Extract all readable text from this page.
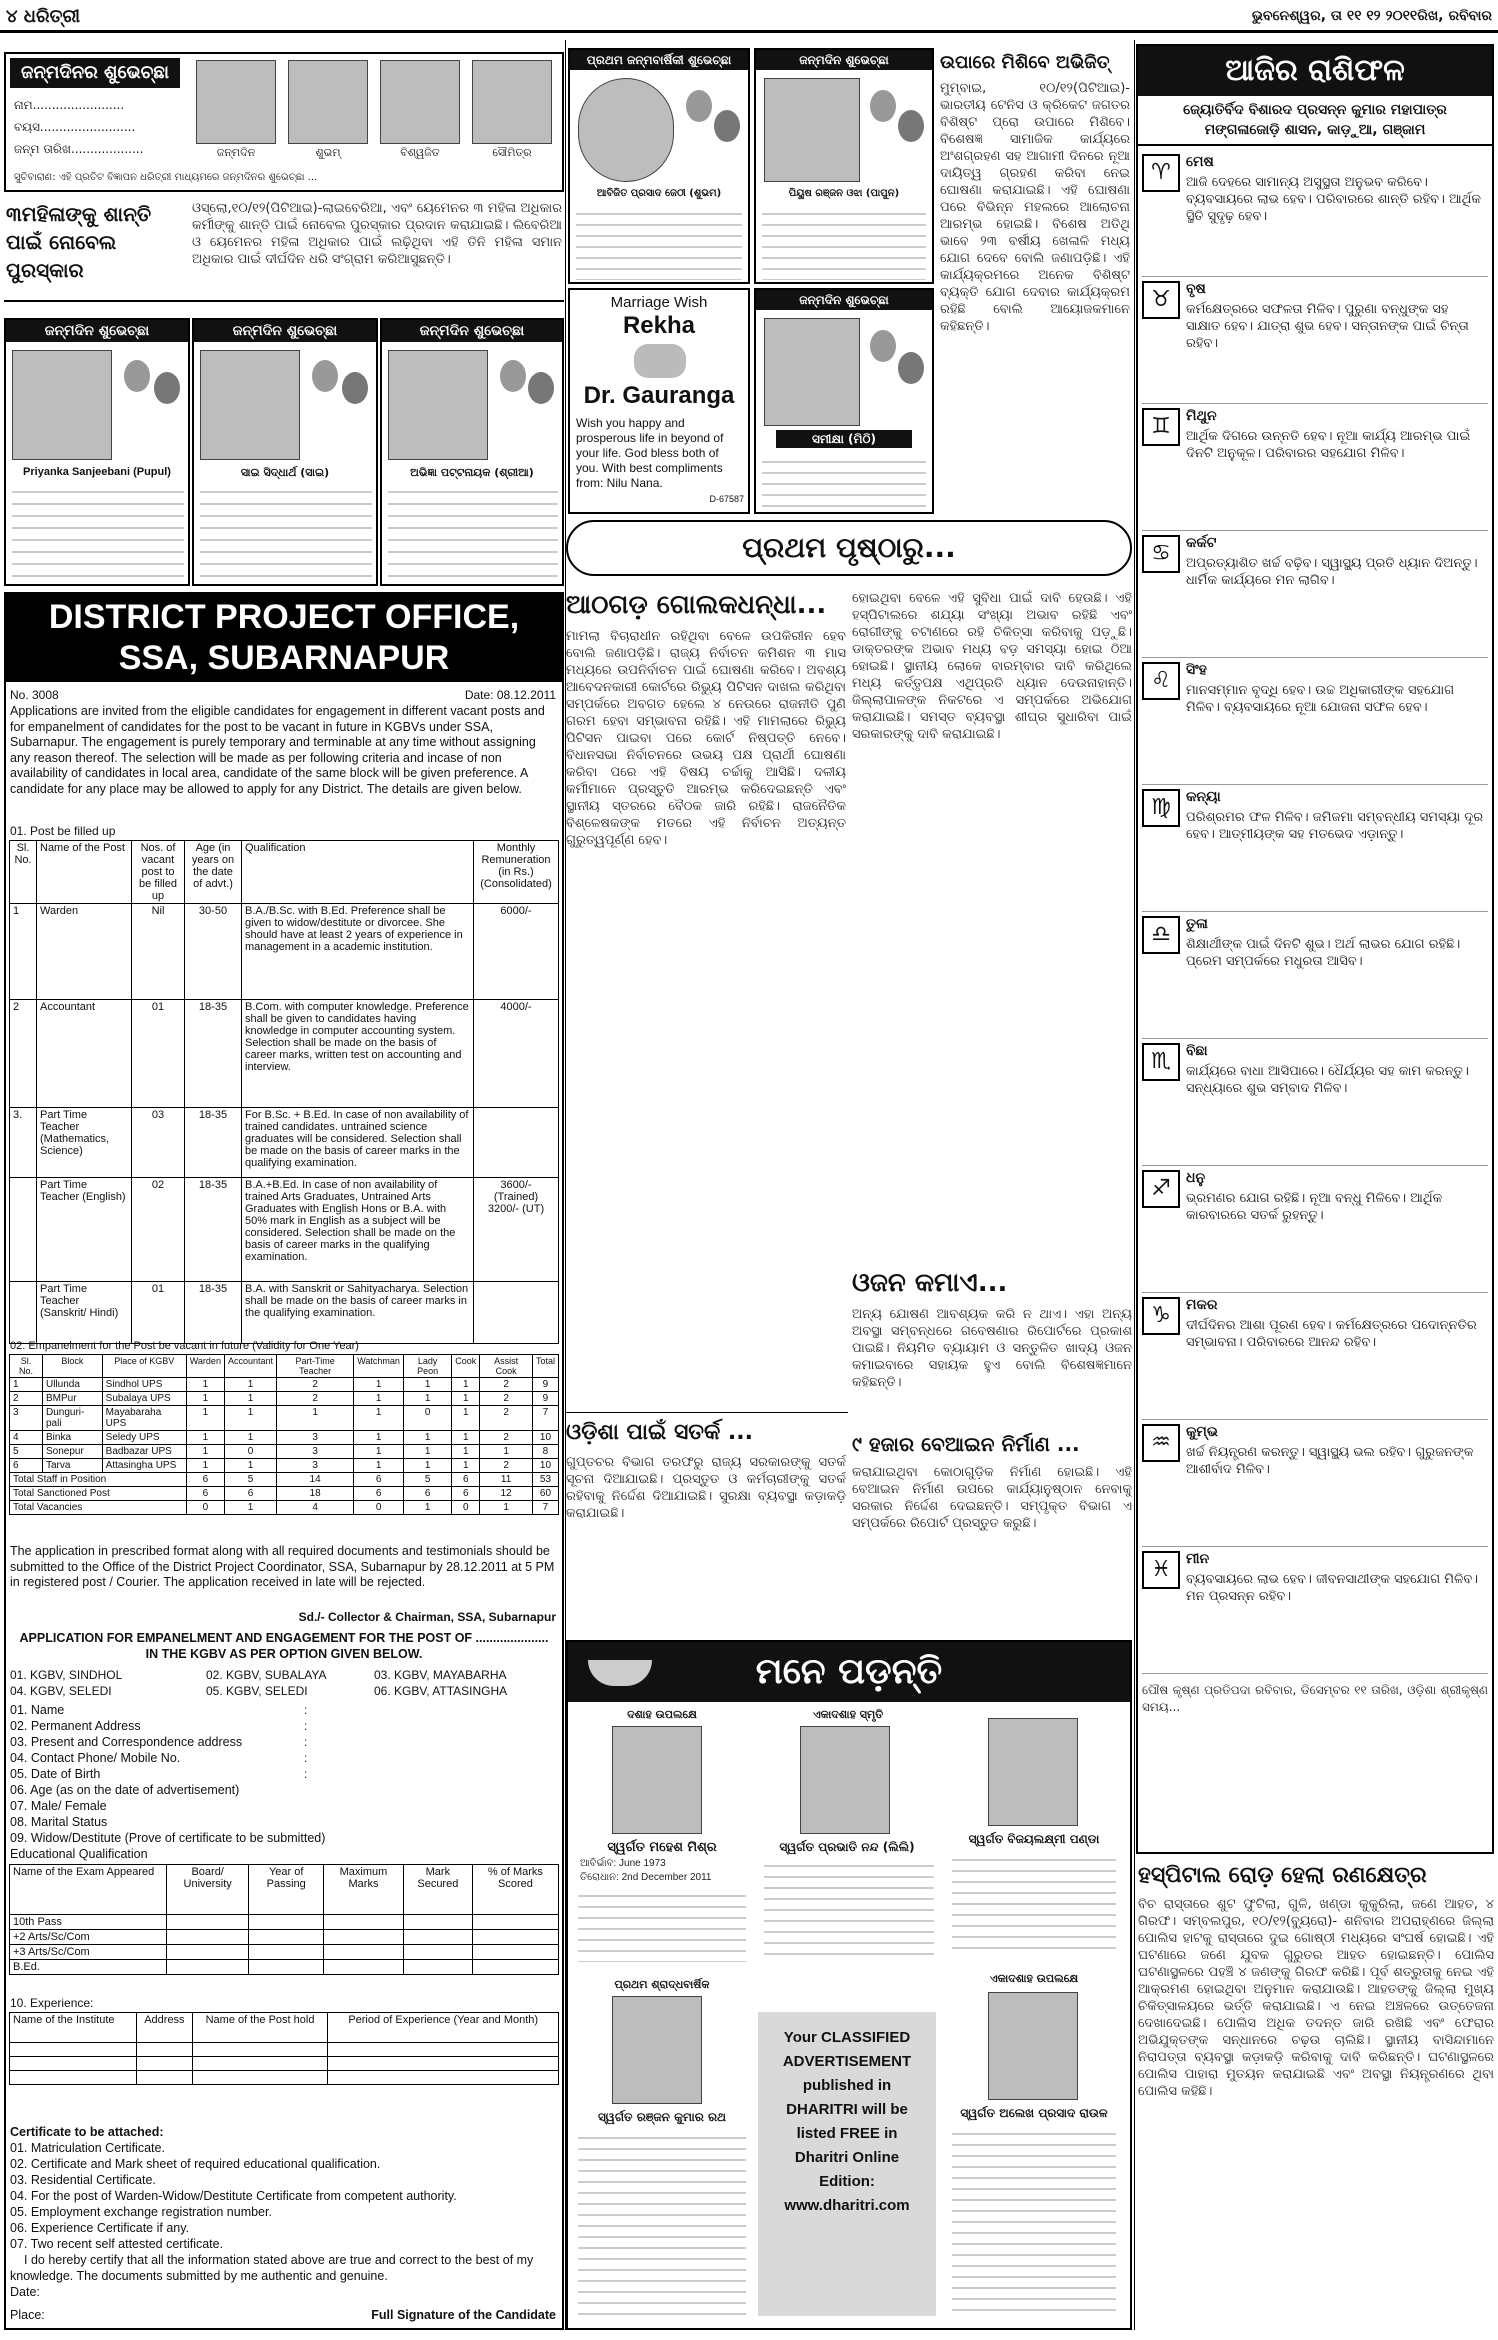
୪ ଧରିତ୍ରୀ	ଭୁବନେଶ୍ୱର, ତା ୧୧ ୧୨ ୨୦୧୧ରିଖ, ରବିବାର
ଜନ୍ମଦିନର ଶୁଭେଚ୍ଛା
ନାମ........................
ବୟସ.........................
ଜନ୍ମ ତାରିଖ...................	ଜନ୍ମଦିନ	ଶୁଭମ୍	ବିଶ୍ୱଜିତ	ସୌମିତ୍ର
ସୁଚିବାରାଣ: ଏହି ପ୍ରତିଟ ବିଜ୍ଞାପନ ଧରିତ୍ରୀ ମାଧ୍ୟମରେ ଜନ୍ମଦିନର ଶୁଭେଚ୍ଛା ...
୩ମହିଳାଙ୍କୁ ଶାନ୍ତି ପାଇଁ ନୋବେଲ ପୁରସ୍କାର
ଓସ୍ଲୋ,୧୦/୧୨(ପିଟିଆଇ)-ଲାଇବେରିଆ, ଏବଂ ୟେମେନର ୩ ମହିଳା ଅଧିକାର କର୍ମୀଙ୍କୁ ଶାନ୍ତି ପାଇଁ ନୋବେଲ ପୁରସ୍କାର ପ୍ରଦାନ କରାଯାଇଛି। ଲିବେରିଆ ଓ ୟେମେନର ମହିଳା ଅଧିକାର ପାଇଁ ଲଢ଼ିଥିବା ଏହି ତିନି ମହିଳା ସମାନ ଅଧିକାର ପାଇଁ ଦୀର୍ଘଦିନ ଧରି ସଂଗ୍ରାମ କରିଆସୁଛନ୍ତି।
ଜନ୍ମଦିନ ଶୁଭେଚ୍ଛା
Priyanka Sanjeebani (Pupul)
ଜନ୍ମଦିନ ଶୁଭେଚ୍ଛା
ସାଇ ସିଦ୍ଧାର୍ଥ (ସାଇ)
ଜନ୍ମଦିନ ଶୁଭେଚ୍ଛା
ଅଭିଜ୍ଞା ପଟ୍ଟନାୟକ (ଶ୍ରୀଆ)
DISTRICT PROJECT OFFICE,
SSA, SUBARNAPUR
No. 3008	Date: 08.12.2011
Applications are invited from the eligible candidates for engagement in different vacant posts and for empanelment of candidates for the post to be vacant in future in KGBVs under SSA, Subarnapur. The engagement is purely temporary and terminable at any time without assigning any reason thereof. The selection will be made as per following criteria and incase of non availability of candidates in local area, candidate of the same block will be given preference. A candidate for any place may be allowed to apply for any District. The details are given below.
01. Post be filled up
Sl. No.	Name of the Post	Nos. of vacant post to be filled up	Age (in years on the date of advt.)	Qualification	Monthly Remuneration (in Rs.) (Consolidated)
1	Warden	Nil	30-50	B.A./B.Sc. with B.Ed. Preference shall be given to widow/destitute or divorcee. She should have at least 2 years of experience in management in a academic institution.	6000/-
2	Accountant	01	18-35	B.Com. with computer knowledge. Preference shall be given to candidates having knowledge in computer accounting system. Selection shall be made on the basis of career marks, written test on accounting and interview.	4000/-
3.	Part Time Teacher (Mathematics, Science)	03	18-35	For B.Sc. + B.Ed. In case of non availability of trained candidates. untrained science graduates will be considered. Selection shall be made on the basis of career marks in the qualifying examination.	
	Part Time Teacher (English)	02	18-35	B.A.+B.Ed. In case of non availability of trained Arts Graduates, Untrained Arts Graduates with English Hons or B.A. with 50% mark in English as a subject will be considered. Selection shall be made on the basis of career marks in the qualifying examination.	3600/- (Trained) 3200/- (UT)
	Part Time Teacher (Sanskrit/ Hindi)	01	18-35	B.A. with Sanskrit or Sahityacharya. Selection shall be made on the basis of career marks in the qualifying examination.	
02. Empanelment for the Post be vacant in future (Validity for One Year)
Sl. No.	Block	Place of KGBV	Warden	Accountant	Part-Time Teacher	Watchman	Lady Peon	Cook	Assist Cook	Total
1	Ullunda	Sindhol UPS	1	1	2	1	1	1	2	9
2	BMPur	Subalaya UPS	1	1	2	1	1	1	2	9
3	Dunguri-pali	Mayabaraha UPS	1	1	1	1	0	1	2	7
4	Binka	Seledy UPS	1	1	3	1	1	1	2	10
5	Sonepur	Badbazar UPS	1	0	3	1	1	1	1	8
6	Tarva	Attasingha UPS	1	1	3	1	1	1	2	10
Total Staff in Position			6	5	14	6	5	6	11	53
Total Sanctioned Post			6	6	18	6	6	6	12	60
Total Vacancies			0	1	4	0	1	0	1	7
The application in prescribed format along with all required documents and testimonials should be submitted to the Office of the District Project Coordinator, SSA, Subarnapur by 28.12.2011 at 5 PM in registered post / Courier. The application received in late will be rejected.
Sd./- Collector & Chairman, SSA, Subarnapur
APPLICATION FOR EMPANELMENT AND ENGAGEMENT FOR THE POST OF ..................... IN THE KGBV AS PER OPTION GIVEN BELOW.
01. KGBV, SINDHOL	02. KGBV, SUBALAYA	03. KGBV, MAYABARHA
04. KGBV, SELEDI	05. KGBV, SELEDI	06. KGBV, ATTASINGHA
01. Name
02. Permanent Address
03. Present and Correspondence address
04. Contact Phone/ Mobile No.
05. Date of Birth
06. Age (as on the date of advertisement)
07. Male/ Female
08. Marital Status
09. Widow/Destitute (Prove of certificate to be submitted)
Educational Qualification
:
:
:
:
:
Name of the Exam Appeared	Board/ University	Year of Passing	Maximum Marks	Mark Secured	% of Marks Scored
10th Pass					
+2 Arts/Sc/Com					
+3 Arts/Sc/Com					
B.Ed.					
10. Experience:
Name of the Institute	Address	Name of the Post hold	Period of Experience (Year and Month)

Certificate to be attached:
01. Matriculation Certificate.
02. Certificate and Mark sheet of required educational qualification.
03. Residential Certificate.
04. For the post of Warden-Widow/Destitute Certificate from competent authority.
05. Employment exchange registration number.
06. Experience Certificate if any.
07. Two recent self attested certificate.
I do hereby certify that all the information stated above are true and correct to the best of my knowledge. The documents submitted by me authentic and genuine.
Date:
Place:	Full Signature of the Candidate
ପ୍ରଥମ ଜନ୍ମବାର୍ଷିକୀ ଶୁଭେଚ୍ଛା
ଆବିଜିତ ପ୍ରସାଦ ଜେଠୀ (ଶୁଭମ)
ଜନ୍ମଦିନ ଶୁଭେଚ୍ଛା
ପିୟୁଷ ରଞ୍ଜନ ଓଝା (ପାପୁନ)
Marriage Wish
Rekha
Dr. Gauranga
Wish you happy and prosperous life in beyond of your life. God bless both of you. With best compliments from: Nilu Nana.
D-67587
ଜନ୍ମଦିନ ଶୁଭେଚ୍ଛା
ସମୀକ୍ଷା (ମିଠି)
ଉପାରେ ମିଶିବେ ଅଭିଜିତ୍
ମୁମ୍ବାଇ, ୧୦/୧୨(ପିଟିଆଇ)- ଭାରତୀୟ ଟେନିସ ଓ କ୍ରିକେଟ ଜଗତର ବିଶିଷ୍ଟ ପ୍ରୋ ଉପାରେ ମିଶିବେ। ବିଶେଷଜ୍ଞ ସାମାଜିକ କାର୍ଯ୍ୟରେ ଅଂଶଗ୍ରହଣ ସହ ଆଗାମୀ ଦିନରେ ନୂଆ ଦାୟିତ୍ୱ ଗ୍ରହଣ କରିବା ନେଇ ଘୋଷଣା କରାଯାଇଛି। ଏହି ଘୋଷଣା ପରେ ବିଭିନ୍ନ ମହଲରେ ଆଲୋଚନା ଆରମ୍ଭ ହୋଇଛି। ବିଶେଷ ଅତିଥି ଭାବେ ୨୩ ବର୍ଷୀୟ ଖେଳାଳି ମଧ୍ୟ ଯୋଗ ଦେବେ ବୋଲି ଜଣାପଡ଼ିଛି। ଏହି କାର୍ଯ୍ୟକ୍ରମରେ ଅନେକ ବିଶିଷ୍ଟ ବ୍ୟକ୍ତି ଯୋଗ ଦେବାର କାର୍ଯ୍ୟକ୍ରମ ରହିଛି ବୋଲି ଆୟୋଜକମାନେ କହିଛନ୍ତି।
ପ୍ରଥମ ପୃଷ୍ଠାରୁ...
ଆଠଗଡ଼ ଗୋଲକଧନ୍ଧା...
ମାମଲା ବିଚାରାଧୀନ ରହିଥିବା ବେଳେ ଉପକିରୀନ ହେବ ବୋଲି ଜଣାପଡ଼ିଛି। ରାଜ୍ୟ ନିର୍ବାଚନ କମିଶନ ୩ ମାସ ମଧ୍ୟରେ ଉପନିର୍ବାଚନ ପାଇଁ ଘୋଷଣା କରିବେ। ଅବଶ୍ୟ ଆବେଦନକାରୀ କୋର୍ଟରେ ରିଭ୍ୟୁ ପିଟିସନ ଦାଖଲ କରିଥିବା ସମ୍ପର୍କରେ ଅବଗତ ହେଲେ ୪ ନେଉରେ ରାଜନୀତି ପୁଣି ଗରମ ହେବା ସମ୍ଭାବନା ରହିଛି। ଏହି ମାମଲାରେ ରିଭ୍ୟୁ ପିଟିସନ ପାଇବା ପରେ କୋର୍ଟ ନିଷ୍ପତ୍ତି ନେବେ। ବିଧାନସଭା ନିର୍ବାଚନରେ ଉଭୟ ପକ୍ଷ ପ୍ରାର୍ଥୀ ଘୋଷଣା କରିବା ପରେ ଏହି ବିଷୟ ଚର୍ଚ୍ଚାକୁ ଆସିଛି। ଦଳୀୟ କର୍ମୀମାନେ ପ୍ରସ୍ତୁତି ଆରମ୍ଭ କରିଦେଇଛନ୍ତି ଏବଂ ସ୍ଥାନୀୟ ସ୍ତରରେ ବୈଠକ ଜାରି ରହିଛି। ରାଜନୈତିକ ବିଶ୍ଳେଷକଙ୍କ ମତରେ ଏହି ନିର୍ବାଚନ ଅତ୍ୟନ୍ତ ଗୁରୁତ୍ୱପୂର୍ଣ୍ଣ ହେବ।
ହୋଇଥିବା ବେଳେ ଏହି ସୁବିଧା ପାଇଁ ଦାବି ହେଉଛି। ଏହି ହସ୍ପିଟାଲରେ ଶଯ୍ୟା ସଂଖ୍ୟା ଅଭାବ ରହିଛି ଏବଂ ରୋଗୀଙ୍କୁ ଚଟାଣରେ ରହି ଚିକିତ୍ସା କରିବାକୁ ପଡ଼ୁଛି। ଡାକ୍ତରଙ୍କ ଅଭାବ ମଧ୍ୟ ବଡ଼ ସମସ୍ୟା ହୋଇ ଠିଆ ହୋଇଛି। ସ୍ଥାନୀୟ ଲୋକେ ବାରମ୍ବାର ଦାବି କରିଥିଲେ ମଧ୍ୟ କର୍ତ୍ତୃପକ୍ଷ ଏଥିପ୍ରତି ଧ୍ୟାନ ଦେଉନାହାନ୍ତି। ଜିଲ୍ଲାପାଳଙ୍କ ନିକଟରେ ଏ ସମ୍ପର୍କରେ ଅଭିଯୋଗ କରାଯାଇଛି। ସମସ୍ତ ବ୍ୟବସ୍ଥା ଶୀଘ୍ର ସୁଧାରିବା ପାଇଁ ସରକାରଙ୍କୁ ଦାବି କରାଯାଇଛି।
ଓଜନ କମାଏ...
ଅନ୍ୟ ଯୋଷଣ ଆବଶ୍ୟକ କରି ନ ଥାଏ। ଏହା ଅନ୍ୟ ଅବସ୍ଥା ସମ୍ବନ୍ଧରେ ଗବେଷଣାର ରିପୋର୍ଟରେ ପ୍ରକାଶ ପାଇଛି। ନିୟମିତ ବ୍ୟାୟାମ ଓ ସନ୍ତୁଳିତ ଖାଦ୍ୟ ଓଜନ କମାଇବାରେ ସହାୟକ ହୁଏ ବୋଲି ବିଶେଷଜ୍ଞମାନେ କହିଛନ୍ତି।
ଓଡ଼ିଶା ପାଇଁ ସତର୍କ ...
ଗୁପ୍ତଚର ବିଭାଗ ତରଫରୁ ରାଜ୍ୟ ସରକାରଙ୍କୁ ସତର୍କ ସୂଚନା ଦିଆଯାଇଛି। ପ୍ରସ୍ତୁତ ଓ କର୍ମଚାରୀଙ୍କୁ ସତର୍କ ରହିବାକୁ ନିର୍ଦ୍ଦେଶ ଦିଆଯାଇଛି। ସୁରକ୍ଷା ବ୍ୟବସ୍ଥା କଡ଼ାକଡ଼ି କରାଯାଇଛି।
୯ ହଜାର ବେଆଇନ ନିର୍ମାଣ ...
କରାଯାଇଥିବା କୋଠାଗୁଡ଼ିକ ନିର୍ମାଣ ହୋଇଛି। ଏହି ବେଆଇନ ନିର୍ମାଣ ଉପରେ କାର୍ଯ୍ୟାନୁଷ୍ଠାନ ନେବାକୁ ସରକାର ନିର୍ଦ୍ଦେଶ ଦେଇଛନ୍ତି। ସମ୍ପୃକ୍ତ ବିଭାଗ ଏ ସମ୍ପର୍କରେ ରିପୋର୍ଟ ପ୍ରସ୍ତୁତ କରୁଛି।
ମନେ ପଡ଼ନ୍ତି
ଦଶାହ ଉପଲକ୍ଷେ
ସ୍ୱର୍ଗତ ମହେଶ ମିଶ୍ର
ଆବିର୍ଭାବ: June 1973
ତିରୋଧାନ: 2nd December 2011
ଏକାଦଶାହ ସ୍ମୃତି
ସ୍ୱର୍ଗତ ପ୍ରଭାତି ନନ୍ଦ (ଲିଲି)
ସ୍ୱର୍ଗତ ବିଜୟଲକ୍ଷ୍ମୀ ପଣ୍ଡା
ପ୍ରଥମ ଶ୍ରାଦ୍ଧବାର୍ଷିକ
ସ୍ୱର୍ଗତ ରଞ୍ଜନ କୁମାର ରଥ
Your CLASSIFIED
ADVERTISEMENT
published in
DHARITRI will be
listed FREE in
Dharitri Online
Edition:
www.dharitri.com
ଏକାଦଶାହ ଉପଲକ୍ଷେ
ସ୍ୱର୍ଗତ ଅଲେଖ ପ୍ରସାଦ ରାଉଳ
ଆଜିର ରାଶିଫଳ
ଜ୍ୟୋତିର୍ବିଦ ବିଶାରଦ ପ୍ରସନ୍ନ କୁମାର ମହାପାତ୍ର
ମଙ୍ଗଳାଜୋଡ଼ି ଶାସନ, କାଡ଼ୁଆ, ଗଞ୍ଜାମ
♈	ମେଷ
ଆଜି ଦେହରେ ସାମାନ୍ୟ ଅସୁସ୍ଥତା ଅନୁଭବ କରିବେ। ବ୍ୟବସାୟରେ ଲାଭ ହେବ। ପରିବାରରେ ଶାନ୍ତି ରହିବ। ଆର୍ଥିକ ସ୍ଥିତି ସୁଦୃଢ଼ ହେବ।
♉	ବୃଷ
କର୍ମକ୍ଷେତ୍ରରେ ସଫଳତା ମିଳିବ। ପୁରୁଣା ବନ୍ଧୁଙ୍କ ସହ ସାକ୍ଷାତ ହେବ। ଯାତ୍ରା ଶୁଭ ହେବ। ସନ୍ତାନଙ୍କ ପାଇଁ ଚିନ୍ତା ରହିବ।
♊	ମିଥୁନ
ଆର୍ଥିକ ଦିଗରେ ଉନ୍ନତି ହେବ। ନୂଆ କାର୍ଯ୍ୟ ଆରମ୍ଭ ପାଇଁ ଦିନଟି ଅନୁକୂଳ। ପରିବାରର ସହଯୋଗ ମିଳିବ।
♋	କର୍କଟ
ଅପ୍ରତ୍ୟାଶିତ ଖର୍ଚ୍ଚ ବଢ଼ିବ। ସ୍ୱାସ୍ଥ୍ୟ ପ୍ରତି ଧ୍ୟାନ ଦିଅନ୍ତୁ। ଧାର୍ମିକ କାର୍ଯ୍ୟରେ ମନ ଲାଗିବ।
♌	ସିଂହ
ମାନସମ୍ମାନ ବୃଦ୍ଧି ହେବ। ଉଚ୍ଚ ଅଧିକାରୀଙ୍କ ସହଯୋଗ ମିଳିବ। ବ୍ୟବସାୟରେ ନୂଆ ଯୋଜନା ସଫଳ ହେବ।
♍	କନ୍ୟା
ପରିଶ୍ରମର ଫଳ ମିଳିବ। ଜମିଜମା ସମ୍ବନ୍ଧୀୟ ସମସ୍ୟା ଦୂର ହେବ। ଆତ୍ମୀୟଙ୍କ ସହ ମତଭେଦ ଏଡ଼ାନ୍ତୁ।
♎	ତୁଳା
ଶିକ୍ଷାର୍ଥୀଙ୍କ ପାଇଁ ଦିନଟି ଶୁଭ। ଅର୍ଥ ଲାଭର ଯୋଗ ରହିଛି। ପ୍ରେମ ସମ୍ପର୍କରେ ମଧୁରତା ଆସିବ।
♏	ବିଛା
କାର୍ଯ୍ୟରେ ବାଧା ଆସିପାରେ। ଧୈର୍ଯ୍ୟର ସହ କାମ କରନ୍ତୁ। ସନ୍ଧ୍ୟାରେ ଶୁଭ ସମ୍ବାଦ ମିଳିବ।
♐	ଧନୁ
ଭ୍ରମଣର ଯୋଗ ରହିଛି। ନୂଆ ବନ୍ଧୁ ମିଳିବେ। ଆର୍ଥିକ କାରବାରରେ ସତର୍କ ରୁହନ୍ତୁ।
♑	ମକର
ଦୀର୍ଘଦିନର ଆଶା ପୂରଣ ହେବ। କର୍ମକ୍ଷେତ୍ରରେ ପଦୋନ୍ନତିର ସମ୍ଭାବନା। ପରିବାରରେ ଆନନ୍ଦ ରହିବ।
♒	କୁମ୍ଭ
ଖର୍ଚ୍ଚ ନିୟନ୍ତ୍ରଣ କରନ୍ତୁ। ସ୍ୱାସ୍ଥ୍ୟ ଭଲ ରହିବ। ଗୁରୁଜନଙ୍କ ଆଶୀର୍ବାଦ ମିଳିବ।
♓	ମୀନ
ବ୍ୟବସାୟରେ ଲାଭ ହେବ। ଜୀବନସାଥୀଙ୍କ ସହଯୋଗ ମିଳିବ। ମନ ପ୍ରସନ୍ନ ରହିବ।
ପୌଷ କୃଷ୍ଣ ପ୍ରତିପଦା ରବିବାର, ଡିସେମ୍ବର ୧୧ ତାରିଖ, ଓଡ଼ିଶା ଶ୍ରୀକୃଷ୍ଣ ସମୟ...
ହସ୍ପିଟାଲ ରୋଡ଼ ହେଲା ରଣକ୍ଷେତ୍ର
ବିଚ ରାସ୍ତାରେ ଶୁଟ ଫୁଟିଲା, ଗୁଳି, ଖଣ୍ଡା କୁକୁରିଲା, ଜଣେ ଆହତ, ୪ ଗିରଫ। ସମ୍ବଲପୁର, ୧୦/୧୨(ବ୍ୟୁରୋ)- ଶନିବାର ଅପରାହ୍ଣରେ ଜିଲ୍ଲା ପୋଲିସ ହାଟକୁ ରାସ୍ତାରେ ଦୁଇ ଗୋଷ୍ଠୀ ମଧ୍ୟରେ ସଂଘର୍ଷ ହୋଇଛି। ଏହି ଘଟଣାରେ ଜଣେ ଯୁବକ ଗୁରୁତର ଆହତ ହୋଇଛନ୍ତି। ପୋଲିସ ଘଟଣାସ୍ଥଳରେ ପହଞ୍ଚି ୪ ଜଣଙ୍କୁ ଗିରଫ କରିଛି। ପୂର୍ବ ଶତ୍ରୁତାକୁ ନେଇ ଏହି ଆକ୍ରମଣ ହୋଇଥିବା ଅନୁମାନ କରାଯାଉଛି। ଆହତଙ୍କୁ ଜିଲ୍ଲା ମୁଖ୍ୟ ଚିକିତ୍ସାଳୟରେ ଭର୍ତ୍ତି କରାଯାଇଛି। ଏ ନେଇ ଅଞ୍ଚଳରେ ଉତ୍ତେଜନା ଦେଖାଦେଇଛି। ପୋଲିସ ଅଧିକ ତଦନ୍ତ ଜାରି ରଖିଛି ଏବଂ ଫେରାର ଅଭିଯୁକ୍ତଙ୍କ ସନ୍ଧାନରେ ଚଢ଼ଉ ଚାଲିଛି। ସ୍ଥାନୀୟ ବାସିନ୍ଦାମାନେ ନିରାପତ୍ତା ବ୍ୟବସ୍ଥା କଡ଼ାକଡ଼ି କରିବାକୁ ଦାବି କରିଛନ୍ତି। ଘଟଣାସ୍ଥଳରେ ପୋଲିସ ପାହାରା ମୁତୟନ କରାଯାଇଛି ଏବଂ ଅବସ୍ଥା ନିୟନ୍ତ୍ରଣରେ ଥିବା ପୋଲିସ କହିଛି।
